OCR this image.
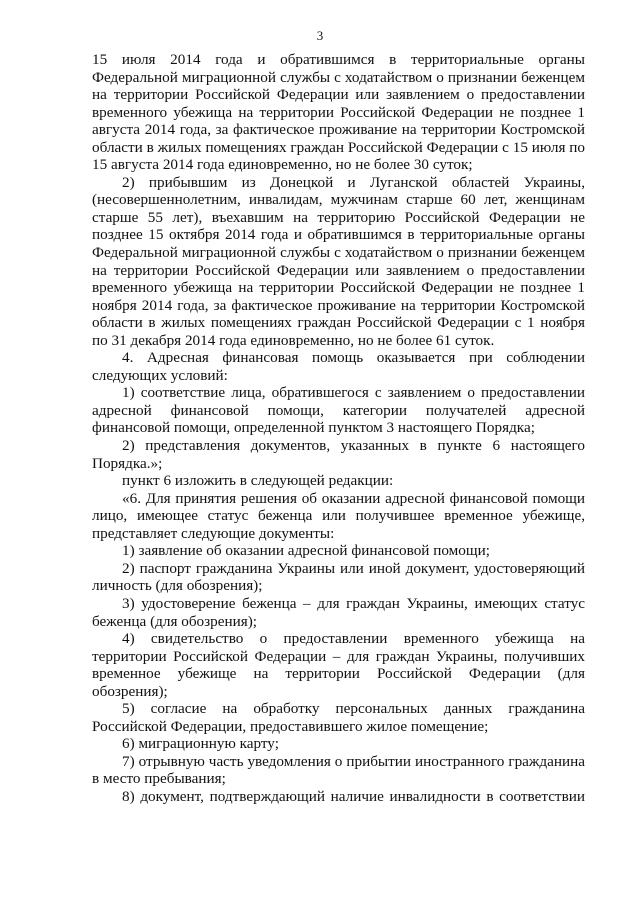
3

15 июля 2014 года и обратившимся в территориальные органы Федеральной миграционной службы с ходатайством о признании беженцем на территории Российской Федерации или заявлением о предоставлении временного убежища на территории Российской Федерации не позднее 1 августа 2014 года, за фактическое проживание на территории Костромской области в жилых помещениях граждан Российской Федерации с 15 июля по 15 августа 2014 года единовременно, но не более 30 суток;

2) прибывшим из Донецкой и Луганской областей Украины, (несовершеннолетним, инвалидам, мужчинам старше 60 лет, женщинам старше 55 лет), въехавшим на территорию Российской Федерации не позднее 15 октября 2014 года и обратившимся в территориальные органы Федеральной миграционной службы с ходатайством о признании беженцем на территории Российской Федерации или заявлением о предоставлении временного убежища на территории Российской Федерации не позднее 1 ноября 2014 года, за фактическое проживание на территории Костромской области в жилых помещениях граждан Российской Федерации с 1 ноября по 31 декабря 2014 года единовременно, но не более 61 суток.

4. Адресная финансовая помощь оказывается при соблюдении следующих условий:

1) соответствие лица, обратившегося с заявлением о предоставлении адресной финансовой помощи, категории получателей адресной финансовой помощи, определенной пунктом 3 настоящего Порядка;

2) представления документов, указанных в пункте 6 настоящего Порядка.»;

пункт 6 изложить в следующей редакции:

«6. Для принятия решения об оказании адресной финансовой помощи лицо, имеющее статус беженца или получившее временное убежище, представляет следующие документы:

1) заявление об оказании адресной финансовой помощи;

2) паспорт гражданина Украины или иной документ, удостоверяющий личность (для обозрения);

3) удостоверение беженца – для граждан Украины, имеющих статус беженца (для обозрения);

4) свидетельство о предоставлении временного убежища на территории Российской Федерации – для граждан Украины, получивших временное убежище на территории Российской Федерации (для обозрения);

5) согласие на обработку персональных данных гражданина Российской Федерации, предоставившего жилое помещение;

6) миграционную карту;

7) отрывную часть уведомления о прибытии иностранного гражданина в место пребывания;

8) документ, подтверждающий наличие инвалидности в соответствии
